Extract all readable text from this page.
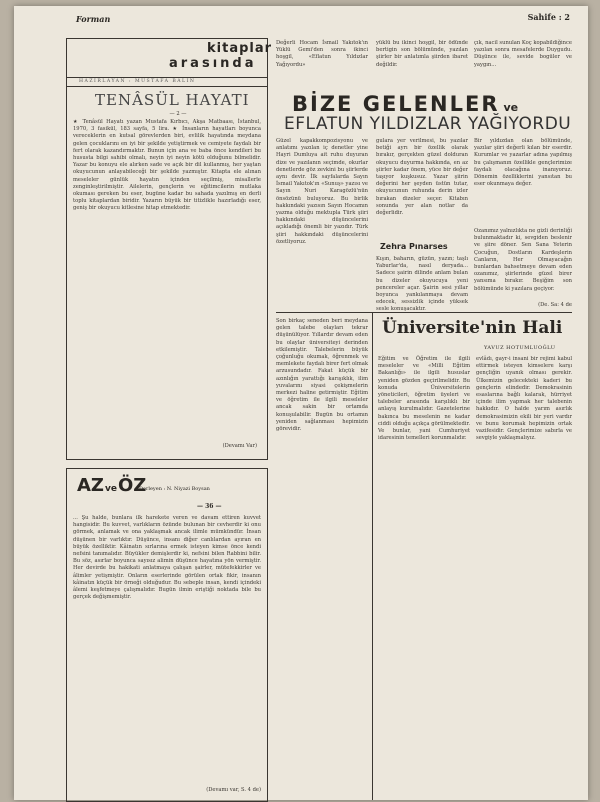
Forman	Sahife : 2
kitaplar
arasında
HAZIRLAYAN : MUSTAFA BALIN
TENÂSÜL HAYATI
— 2 —
★ Tenâsül Hayatı yazan Mustafa Kırbıcı, Akşa Matbaası, İstanbul, 1970, 3 fasikül, 183 sayfa, 5 lira. ★ İnsanların hayatları boyunca vereceklerin en kutsal görevlerden biri, evlilik hayatında meydana gelen çocuklarını en iyi bir şekilde yetiştirmek ve cemiyete faydalı bir fert olarak kazandırmaktır. Bunun için ana ve baba önce kendileri bu hususta bilgi sahibi olmalı, neyin iyi neyin kötü olduğunu bilmelidir. Yazar bu konuyu ele alırken sade ve açık bir dil kullanmış, her yaştan okuyucunun anlayabileceği bir şekilde yazmıştır. Kitapta ele alınan meseleler günlük hayatın içinden seçilmiş, misallerle zenginleştirilmiştir. Ailelerin, gençlerin ve eğitimcilerin mutlaka okuması gereken bu eser, bugüne kadar bu sahada yazılmış en derli toplu kitaplardan biridir. Yazarın büyük bir titizlikle hazırladığı eser, geniş bir okuyucu kitlesine hitap etmektedir.
(Devamı Var)
AZveÖZ
Derleyen : N. Niyazi Boysan
— 36 —
... Şu halde, bunlara ilk harekete veren ve davam ettiren kuvvet hangisidir. Bu kuvvet, varlıkların özünde bulunan bir cevherdir ki onu görmek, anlamak ve ona yaklaşmak ancak ilimle mümkündür. İnsan düşünen bir varlıktır. Düşünce, insanı diğer canlılardan ayıran en büyük özelliktir. Kâinatın sırlarına ermek isteyen kimse önce kendi nefsini tanımalıdır. Büyükler demişlerdir ki, nefsini bilen Rabbini bilir. Bu söz, asırlar boyunca sayısız alimin düşünce hayatına yön vermiştir. Her devirde bu hakikati anlatmaya çalışan şairler, mütefekkirler ve âlimler yetişmiştir. Onların eserlerinde görülen ortak fikir, insanın kâinatın küçük bir örneği olduğudur. Bu sebeple insan, kendi içindeki âlemi keşfetmeye çalışmalıdır. Bugün ilmin eriştiği noktada bile bu gerçek değişmemiştir.
(Devamı var, S. 4 de)
Değerli Hocam İsmail Yakıtok'ın Yüklü Gemi'den sonra ikinci hoşgil, «Eflatun Yıldızlar Yağıyordu»
yüklü bu ikinci hoşgil, bir ödünde bertigin son bölümünde, yazılan şiirler bir anlatımla şiirden ibaret değildir.
çık, nacil sunulan Koç kopabildiğince yazılan sonra mesafelerde Duygudu. Düşünce ile, sevide bogüler ve yaygın...
BİZE GELENLER ve
EFLATUN YILDIZLAR YAĞIYORDU
Güzel kapakkompozisyonu ve anlatımı yazılan iç denetler yine Hayri Dumluya ait ruhu duyuran dize ve yazılanın seçimde, okurlar denetlerde göz zevkini bu şiirlerde aynı devir. İlk sayfalarda Sayın İsmail Yakıtok'ın «Sunuş» yazısı ve Sayın Nuri Karagözlü'nün önsözünü buluyoruz. Bu birlik hakkındaki yazısın Sayın Hocamın yazma olduğu mektupla Türk şiiri hakkındaki düşüncelerini açıkladığı önemli bir yazıdır. Türk şiiri hakkındaki düşüncelerini özetliyoruz.
gulara yer verilmesi, bu yazılar betiği ayrı bir özellik olarak bırakır, gerçekten güzel dolduran okuyucu duyurma hakkında, en az şiirler kadar önem, yüce bir değer taşıyor kuşkusuz. Yazar şiirin değerini her şeyden üstün tutar, okuyucunun ruhunda derin izler bırakan dizeler seçer. Kitabın sonunda yer alan notlar da değerlidir.
Zehra Pınarses
Kışın, baharın, güzün, yazın; taşlı Yaburlar'da, nasıl deryada... Sadece şairin dilinde anlam bulan bu dizeler okuyucuya yeni pencereler açar. Şairin sesi yıllar boyunca yankılanmaya devam edecek, sessizlik içinde yüksek sesle konuşacaktır.
Bir yıldızdan olan bölümünde, yazılar şiiri değerli kılan bir eserdir. Kurumlar ve yazarlar adına yapılmış bu çalışmanın özellikle gençlerimize faydalı olacağına inanıyoruz. Dönemin özelliklerini yansıtan bu eser okunmaya değer.
Ozanımız yalnızlıkta ne gizli derinliği bulunmaktadır ki, sevgiden beslenir ve şiire döner. Sen Sana Yeterin Çocuğun, Dostların Kardeşlerin Canların, Her Olmayacağın bunlardan bahsetmeye devam eden ozanımız, şiirlerinde güzel birer yansıma bırakır. Beşiğim son bölümünde ki yazılara geçiyor.
(De. Sa: 4 de
Üniversite'nin Hali
YAVUZ HOTUMLUOĞLU
Son birkaç seneden beri meydana gelen talebe olayları tekrar düşünülüyor. Yıllardır devam eden bu olaylar üniversiteyi derinden etkilemiştir. Talebelerin büyük çoğunluğu okumak, öğrenmek ve memlekete faydalı birer fert olmak arzusundadır. Fakat küçük bir azınlığın yarattığı karışıklık, ilim yuvalarını siyasi çekişmelerin merkezi haline getirmiştir. Eğitim ve öğretim ile ilgili meseleler ancak sakin bir ortamda konuşulabilir. Bugün bu ortamın yeniden sağlanması hepimizin görevidir.
Eğitim ve Öğretim ile ilgili meseleler ve «Milli Eğitim Bakanlığı» ile ilgili hususlar yeniden gözden geçirilmelidir. Bu konuda Üniversitelerin yöneticileri, öğretim üyeleri ve talebeler arasında karşılıklı bir anlayış kurulmalıdır. Gazetelerine bakınca bu meselenin ne kadar ciddi olduğu açıkça görülmektedir. Ve bunlar, yani Cumhuriyet idaresinin temelleri korunmalıdır.
evlâdı, gayr-i insani bir rejimi kabul ettirmek isteyen kimselere karşı gençliğin uyanık olması gerekir. Ülkemizin gelecekteki kaderi bu gençlerin elindedir. Demokrasinin esaslarına bağlı kalarak, hürriyet içinde ilim yapmak her talebenin hakkıdır. O halde yarım asırlık demokrasimizin ekili bir yeri vardır ve bunu korumak hepimizin ortak vazifesidir. Gençlerimize sabırla ve sevgiyle yaklaşmalıyız.
